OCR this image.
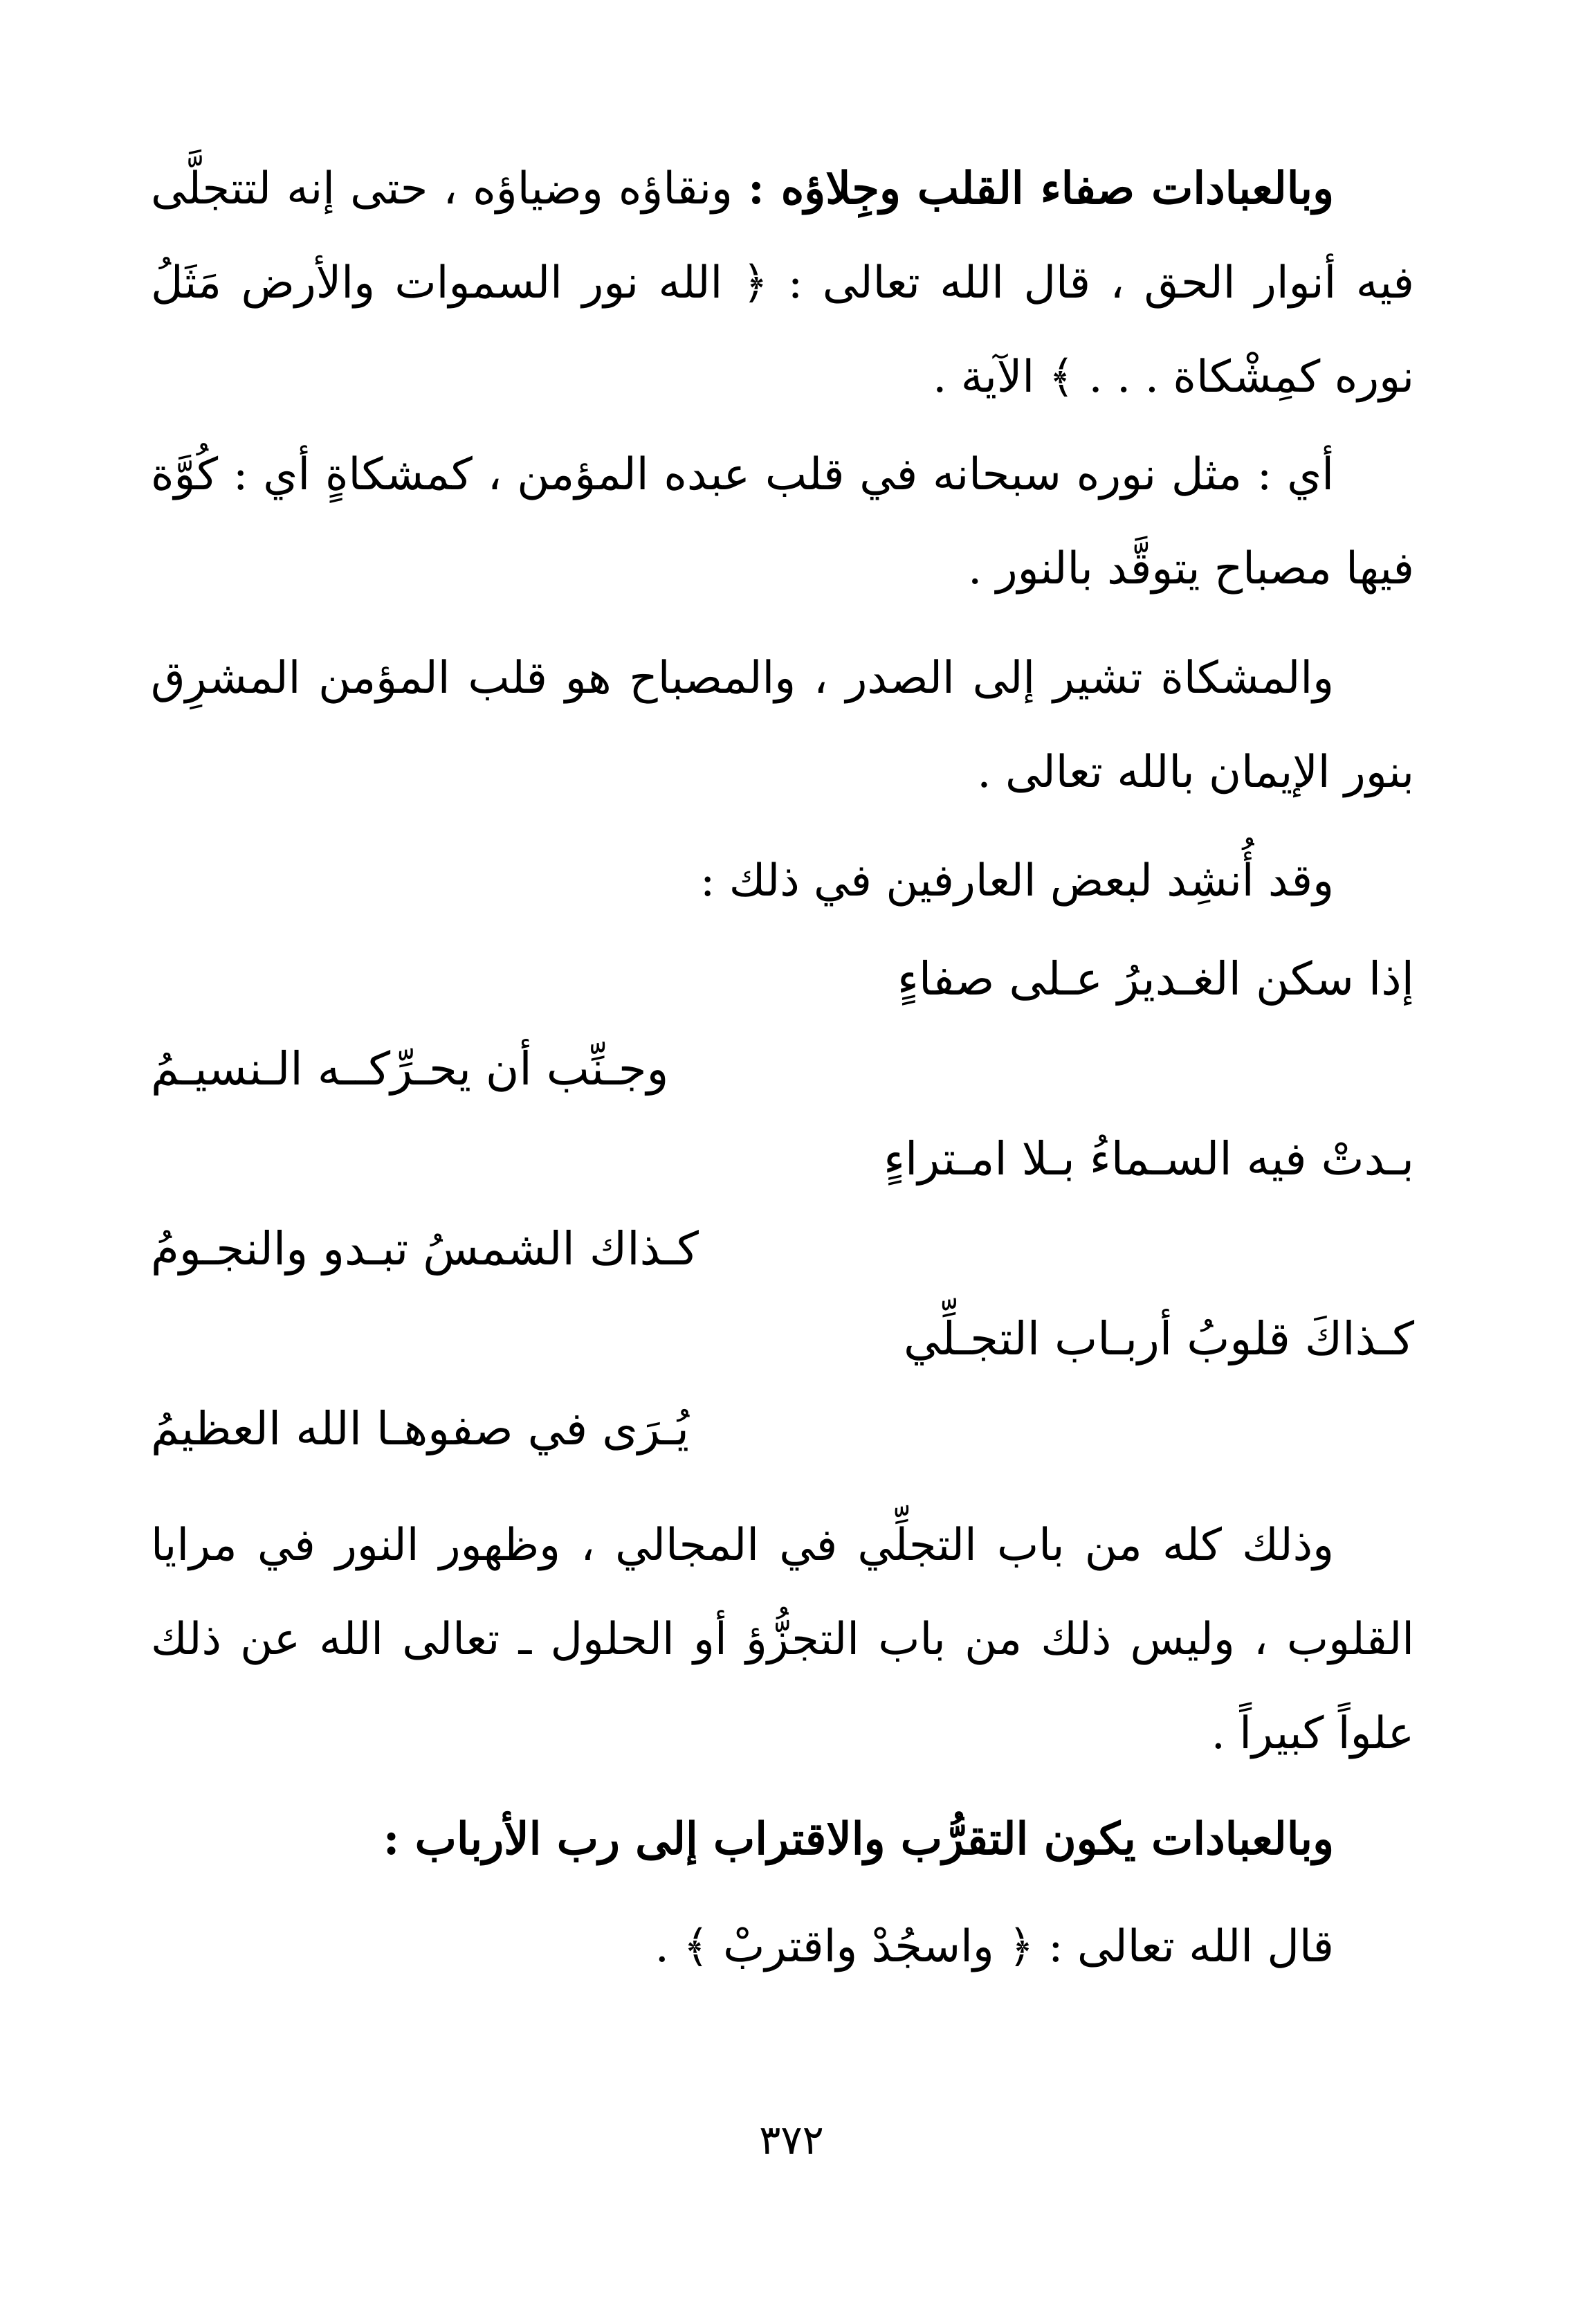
وبالعبادات صفاء القلب وجِلاؤه : ونقاؤه وضياؤه ، حتى إنه لتتجلَّى فيه أنوار الحق ، قال الله تعالى : ﴿ الله نور السموات والأرض مَثَلُ نوره كمِشْكاة . . . ﴾ الآية .

أي : مثل نوره سبحانه في قلب عبده المؤمن ، كمشكاةٍ أي : كُوَّة فيها مصباح يتوقَّد بالنور .

والمشكاة تشير إلى الصدر ، والمصباح هو قلب المؤمن المشرِق بنور الإيمان بالله تعالى .

وقد أُنشِد لبعض العارفين في ذلك :

إذا سكن الغـديرُ عـلى صفاءٍ

وجـنِّب أن يحـرِّكــه الـنسيـمُ

بـدتْ فيه السـماءُ بـلا امـتراءٍ

كـذاك الشمسُ تبـدو والنجـومُ

كـذاكَ قلوبُ أربـاب التجـلِّي

يُـرَى في صفوهـا الله العظيمُ

وذلك كله من باب التجلِّي في المجالي ، وظهور النور في مرايا القلوب ، وليس ذلك من باب التجزُّؤ أو الحلول ـ تعالى الله عن ذلك علواً كبيراً .

وبالعبادات يكون التقرُّب والاقتراب إلى رب الأرباب :

قال الله تعالى : ﴿ واسجُدْ واقتربْ ﴾ .

٣٧٢
